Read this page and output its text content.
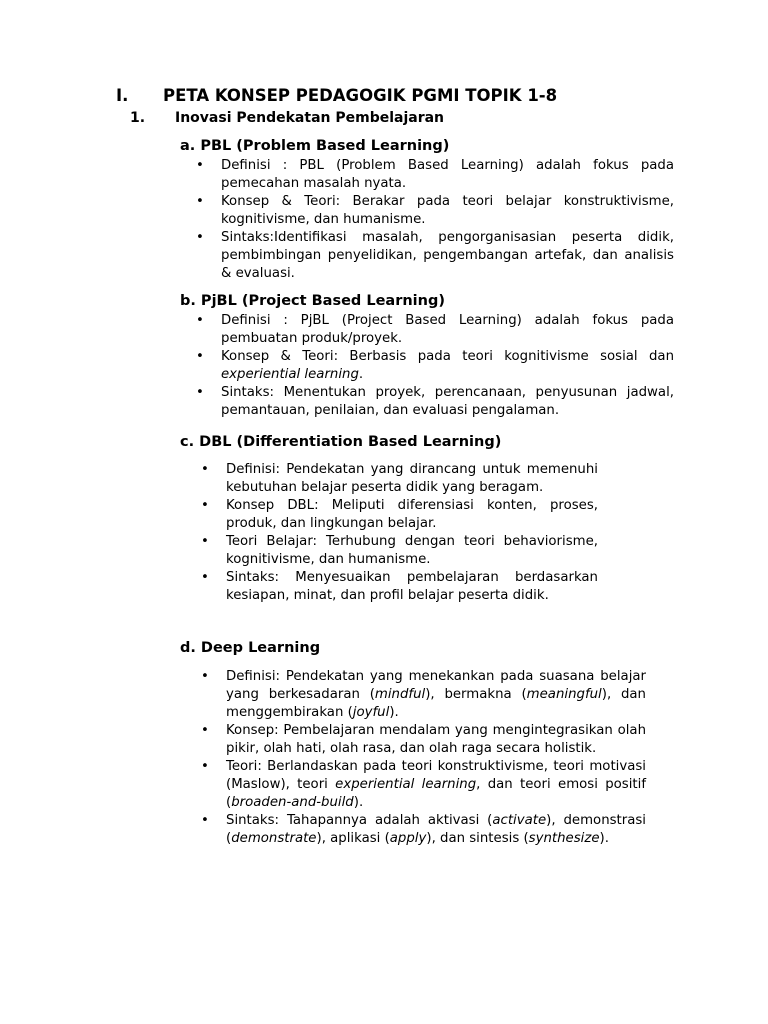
I. PETA KONSEP PEDAGOGIK PGMI TOPIK 1-8
1. Inovasi Pendekatan Pembelajaran
a. PBL (Problem Based Learning)
• Definisi : PBL (Problem Based Learning) adalah fokus pada pemecahan masalah nyata.
• Konsep & Teori: Berakar pada teori belajar konstruktivisme, kognitivisme, dan humanisme.
• Sintaks:Identifikasi masalah, pengorganisasian peserta didik, pembimbingan penyelidikan, pengembangan artefak, dan analisis & evaluasi.
b. PjBL (Project Based Learning)
• Definisi : PjBL (Project Based Learning) adalah fokus pada pembuatan produk/proyek.
• Konsep & Teori: Berbasis pada teori kognitivisme sosial dan experiential learning.
• Sintaks: Menentukan proyek, perencanaan, penyusunan jadwal, pemantauan, penilaian, dan evaluasi pengalaman.
c. DBL (Differentiation Based Learning)
• Definisi: Pendekatan yang dirancang untuk memenuhi kebutuhan belajar peserta didik yang beragam.
• Konsep DBL: Meliputi diferensiasi konten, proses, produk, dan lingkungan belajar.
• Teori Belajar: Terhubung dengan teori behaviorisme, kognitivisme, dan humanisme.
• Sintaks: Menyesuaikan pembelajaran berdasarkan kesiapan, minat, dan profil belajar peserta didik.
d. Deep Learning
• Definisi: Pendekatan yang menekankan pada suasana belajar yang berkesadaran (mindful), bermakna (meaningful), dan menggembirakan (joyful).
• Konsep: Pembelajaran mendalam yang mengintegrasikan olah pikir, olah hati, olah rasa, dan olah raga secara holistik.
• Teori: Berlandaskan pada teori konstruktivisme, teori motivasi (Maslow), teori experiential learning, dan teori emosi positif (broaden-and-build).
• Sintaks: Tahapannya adalah aktivasi (activate), demonstrasi (demonstrate), aplikasi (apply), dan sintesis (synthesize).
